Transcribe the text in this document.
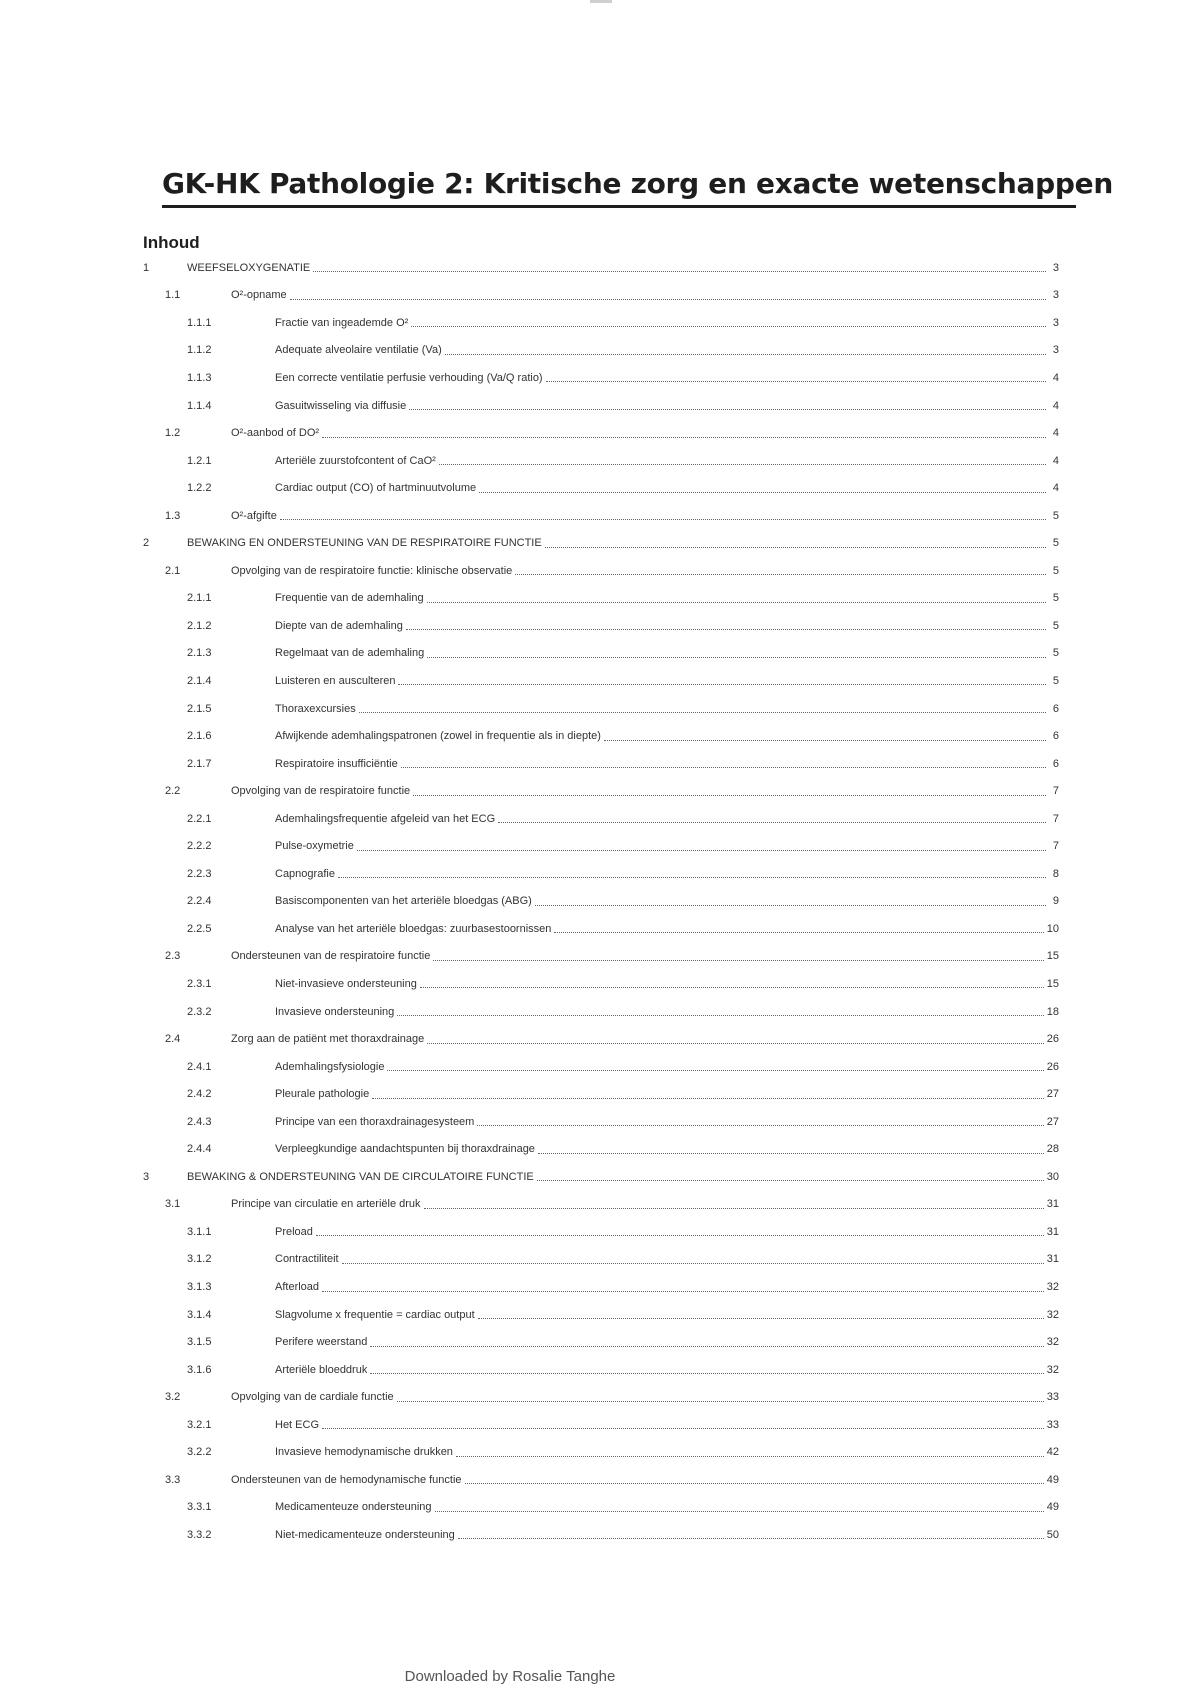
GK-HK Pathologie 2: Kritische zorg en exacte wetenschappen
Inhoud
1	WEEFSELOXYGENATIE	3
1.1	O²-opname	3
1.1.1	Fractie van ingeademde O²	3
1.1.2	Adequate alveolaire ventilatie (Va)	3
1.1.3	Een correcte ventilatie perfusie verhouding (Va/Q ratio)	4
1.1.4	Gasuitwisseling via diffusie	4
1.2	O²-aanbod of DO²	4
1.2.1	Arteriële zuurstofcontent of CaO²	4
1.2.2	Cardiac output (CO) of hartminuutvolume	4
1.3	O²-afgifte	5
2	BEWAKING EN ONDERSTEUNING VAN DE RESPIRATOIRE FUNCTIE	5
2.1	Opvolging van de respiratoire functie: klinische observatie	5
2.1.1	Frequentie van de ademhaling	5
2.1.2	Diepte van de ademhaling	5
2.1.3	Regelmaat van de ademhaling	5
2.1.4	Luisteren en ausculteren	5
2.1.5	Thoraxexcursies	6
2.1.6	Afwijkende ademhalingspatronen (zowel in frequentie als in diepte)	6
2.1.7	Respiratoire insufficiëntie	6
2.2	Opvolging van de respiratoire functie	7
2.2.1	Ademhalingsfrequentie afgeleid van het ECG	7
2.2.2	Pulse-oxymetrie	7
2.2.3	Capnografie	8
2.2.4	Basiscomponenten van het arteriële bloedgas (ABG)	9
2.2.5	Analyse van het arteriële bloedgas: zuurbasestoornissen	10
2.3	Ondersteunen van de respiratoire functie	15
2.3.1	Niet-invasieve ondersteuning	15
2.3.2	Invasieve ondersteuning	18
2.4	Zorg aan de patiënt met thoraxdrainage	26
2.4.1	Ademhalingsfysiologie	26
2.4.2	Pleurale pathologie	27
2.4.3	Principe van een thoraxdrainagesysteem	27
2.4.4	Verpleegkundige aandachtspunten bij thoraxdrainage	28
3	BEWAKING & ONDERSTEUNING VAN DE CIRCULATOIRE FUNCTIE	30
3.1	Principe van circulatie en arteriële druk	31
3.1.1	Preload	31
3.1.2	Contractiliteit	31
3.1.3	Afterload	32
3.1.4	Slagvolume x frequentie = cardiac output	32
3.1.5	Perifere weerstand	32
3.1.6	Arteriële bloeddruk	32
3.2	Opvolging van de cardiale functie	33
3.2.1	Het ECG	33
3.2.2	Invasieve hemodynamische drukken	42
3.3	Ondersteunen van de hemodynamische functie	49
3.3.1	Medicamenteuze ondersteuning	49
3.3.2	Niet-medicamenteuze ondersteuning	50
Downloaded by Rosalie Tanghe
